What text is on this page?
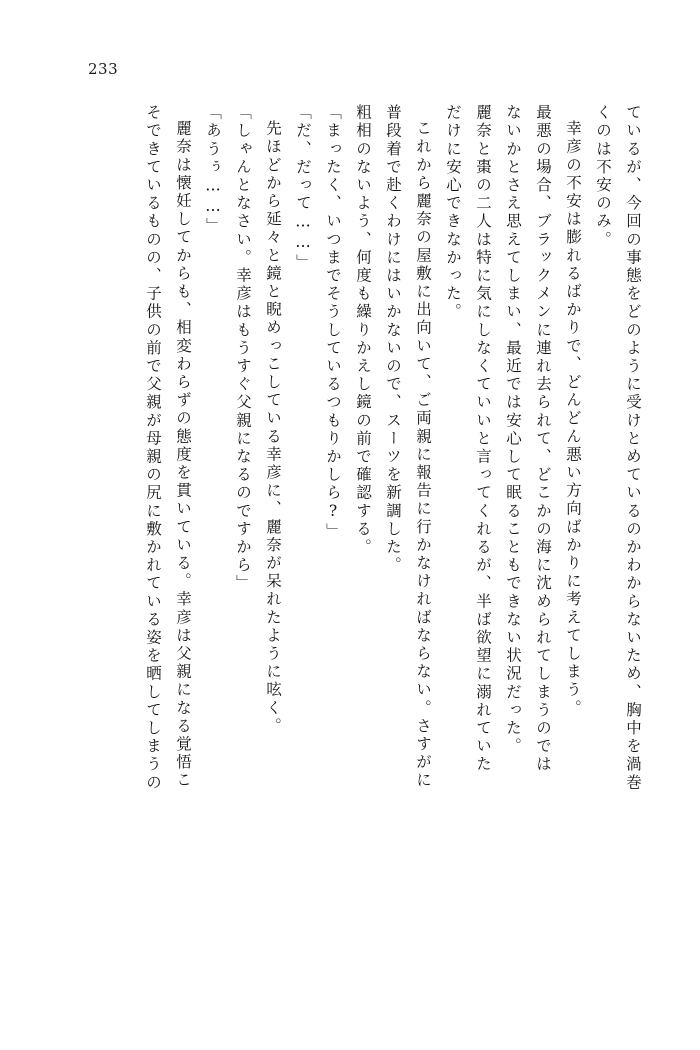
233
ているが、今回の事態をどのように受けとめているのかわからないため、胸中を渦巻
くのは不安のみ。
幸彦の不安は膨れるばかりで、どんどん悪い方向ばかりに考えてしまう。
最悪の場合、ブラックメンに連れ去られて、どこかの海に沈められてしまうのでは
ないかとさえ思えてしまい、最近では安心して眠ることもできない状況だった。
麗奈と棗の二人は特に気にしなくていいと言ってくれるが、半ば欲望に溺れていた
だけに安心できなかった。
これから麗奈の屋敷に出向いて、ご両親に報告に行かなければならない。さすがに
普段着で赴くわけにはいかないので、スーツを新調した。
粗相のないよう、何度も繰りかえし鏡の前で確認する。
「まったく、いつまでそうしているつもりかしら?」
「だ、だって……」
先ほどから延々と鏡と睨めっこしている幸彦に、麗奈が呆れたように呟く。
「しゃんとなさい。幸彦はもうすぐ父親になるのですから」
「あうぅ……」
麗奈は懐妊してからも、相変わらずの態度を貫いている。幸彦は父親になる覚悟こ
そできているものの、子供の前で父親が母親の尻に敷かれている姿を晒してしまうの
